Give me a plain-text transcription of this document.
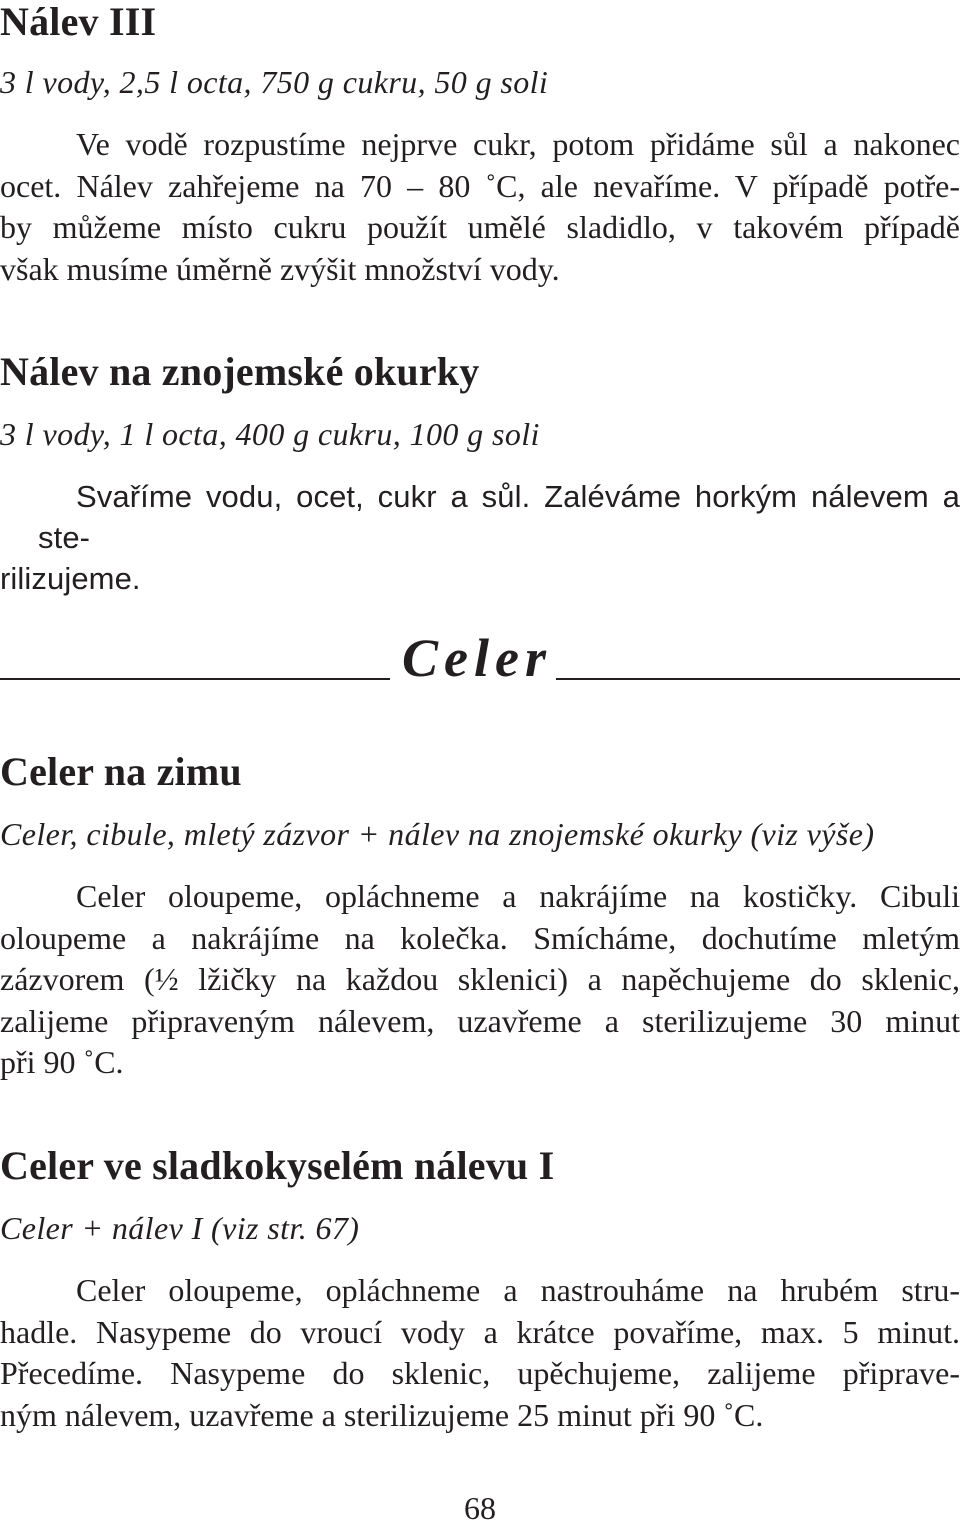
Nálev III

3 l vody, 2,5 l octa, 750 g cukru, 50 g soli

Ve vodě rozpustíme nejprve cukr, potom přidáme sůl a nakonec
ocet. Nálev zahřejeme na 70 – 80 ˚C, ale nevaříme. V případě potře-
by můžeme místo cukru použít umělé sladidlo, v takovém případě
však musíme úměrně zvýšit množství vody.
Nálev na znojemské okurky

3 l vody, 1 l octa, 400 g cukru, 100 g soli

Svaříme vodu, ocet, cukr a sůl. Zaléváme horkým nálevem a ste-
rilizujeme.
Celer
Celer na zimu

Celer, cibule, mletý zázvor + nálev na znojemské okurky (viz výše)

Celer oloupeme, opláchneme a nakrájíme na kostičky. Cibuli
oloupeme a nakrájíme na kolečka. Smícháme, dochutíme mletým
zázvorem (½ lžičky na každou sklenici) a napěchujeme do sklenic,
zalijeme připraveným nálevem, uzavřeme a sterilizujeme 30 minut
při 90 ˚C.
Celer ve sladkokyselém nálevu I

Celer + nálev I (viz str. 67)

Celer oloupeme, opláchneme a nastrouháme na hrubém stru-
hadle. Nasypeme do vroucí vody a krátce povaříme, max. 5 minut.
Přecedíme. Nasypeme do sklenic, upěchujeme, zalijeme připrave-
ným nálevem, uzavřeme a sterilizujeme 25 minut při 90 ˚C.
68
